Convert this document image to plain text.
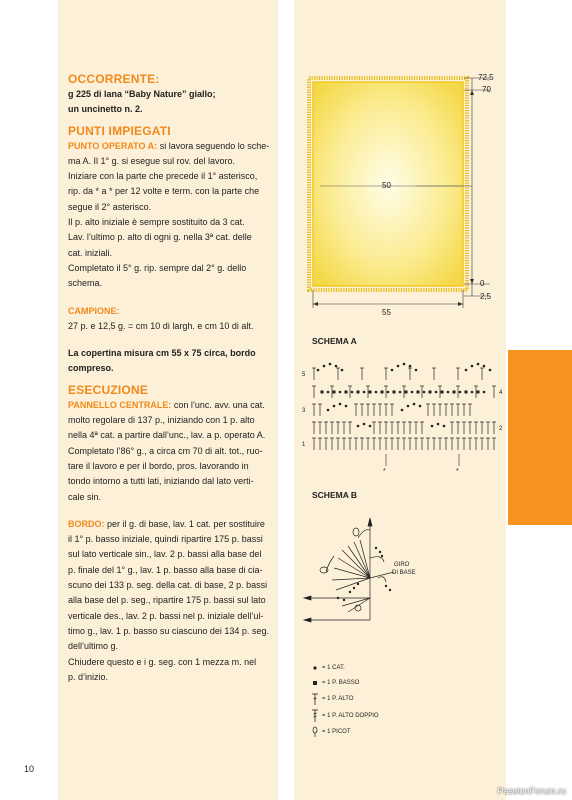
OCCORRENTE:

g 225 di lana “Baby Nature” giallo;

un uncinetto n. 2.

PUNTI IMPIEGATI

PUNTO OPERATO A: si lavora seguendo lo sche-

ma A. Il 1° g. si esegue sul rov. del lavoro.

Iniziare con la parte che precede il 1° asterisco,

rip. da * a * per 12 volte e term. con la parte che

segue il 2° asterisco.

Il p. alto iniziale è sempre sostituito da 3 cat.

Lav. l’ultimo p. alto di ogni g. nella 3ª cat. delle

cat. iniziali.

Completato il 5° g. rip. sempre dal 2° g. dello

schema.

CAMPIONE:

27 p. e 12,5 g. = cm 10 di largh. e cm 10 di alt.

La copertina misura cm 55 x 75 circa, bordo

compreso.

ESECUZIONE

PANNELLO CENTRALE: con l’unc. avv. una cat.

molto regolare di 137 p., iniziando con 1 p. alto

nella 4ª cat. a partire dall’unc., lav. a p. operato A.

Completato l’86° g., a circa cm 70 di alt. tot., ruo-

tare il lavoro e per il bordo, pros. lavorando in

tondo intorno a tutti lati, iniziando dal lato verti-

cale sin.

BORDO: per il g. di base, lav. 1 cat. per sostituire

il 1° p. basso iniziale, quindi ripartire 175 p. bassi

sul lato verticale sin., lav. 2 p. bassi alla base del

p. finale del 1° g., lav. 1 p. basso alla base di cia-

scuno dei 133 p. seg. della cat. di base, 2 p. bassi

alla base del p. seg., ripartire 175 p. bassi sul lato

verticale des., lav. 2 p. bassi nel p. iniziale dell’ul-

timo g., lav. 1 p. basso su ciascuno dei 134 p. seg.

dell’ultimo g.

Chiudere questo e i g. seg. con 1 mezza m. nel

p. d’inizio.

72,5
70
50
0
2,5
55
SCHEMA A
5
4
3
2
1
*	*
SCHEMA B
GIRO
DI BASE
= 1 CAT.
= 1 P. BASSO
= 1 P. ALTO
= 1 P. ALTO DOPPIO
= 1 PICOT
10
PassionForum.ru
